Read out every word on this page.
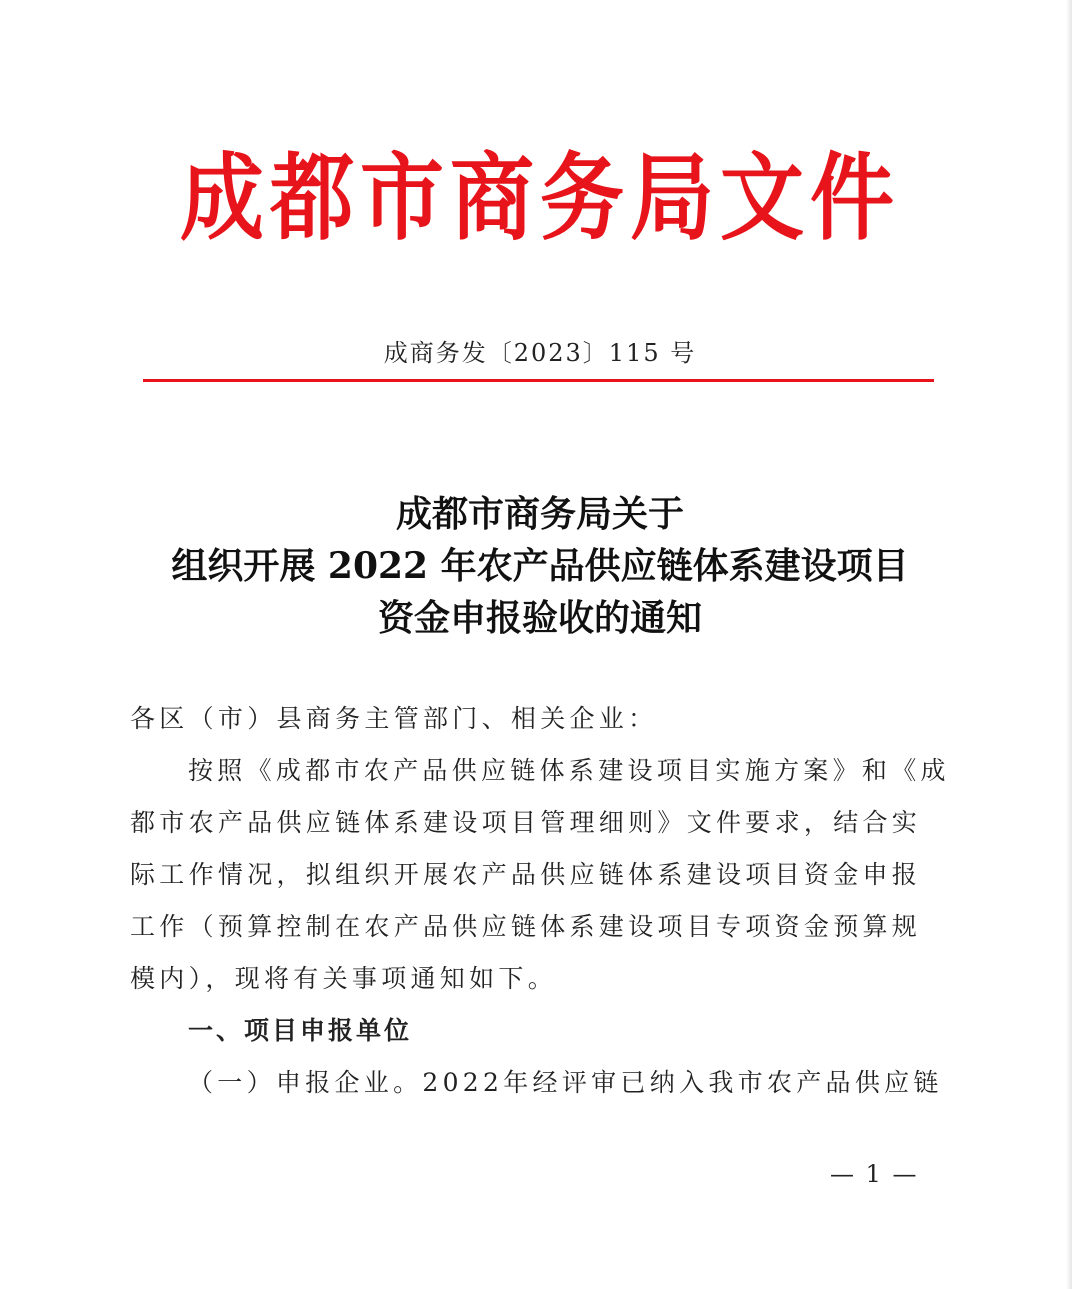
成都市商务局文件
成商务发〔2023〕115 号
成都市商务局关于
组织开展 2022 年农产品供应链体系建设项目
资金申报验收的通知
各区（市）县商务主管部门、相关企业：
按照《成都市农产品供应链体系建设项目实施方案》和《成
都市农产品供应链体系建设项目管理细则》文件要求，结合实
际工作情况，拟组织开展农产品供应链体系建设项目资金申报
工作（预算控制在农产品供应链体系建设项目专项资金预算规
模内），现将有关事项通知如下。
一、项目申报单位
（一）申报企业。2022年经评审已纳入我市农产品供应链
— 1 —
